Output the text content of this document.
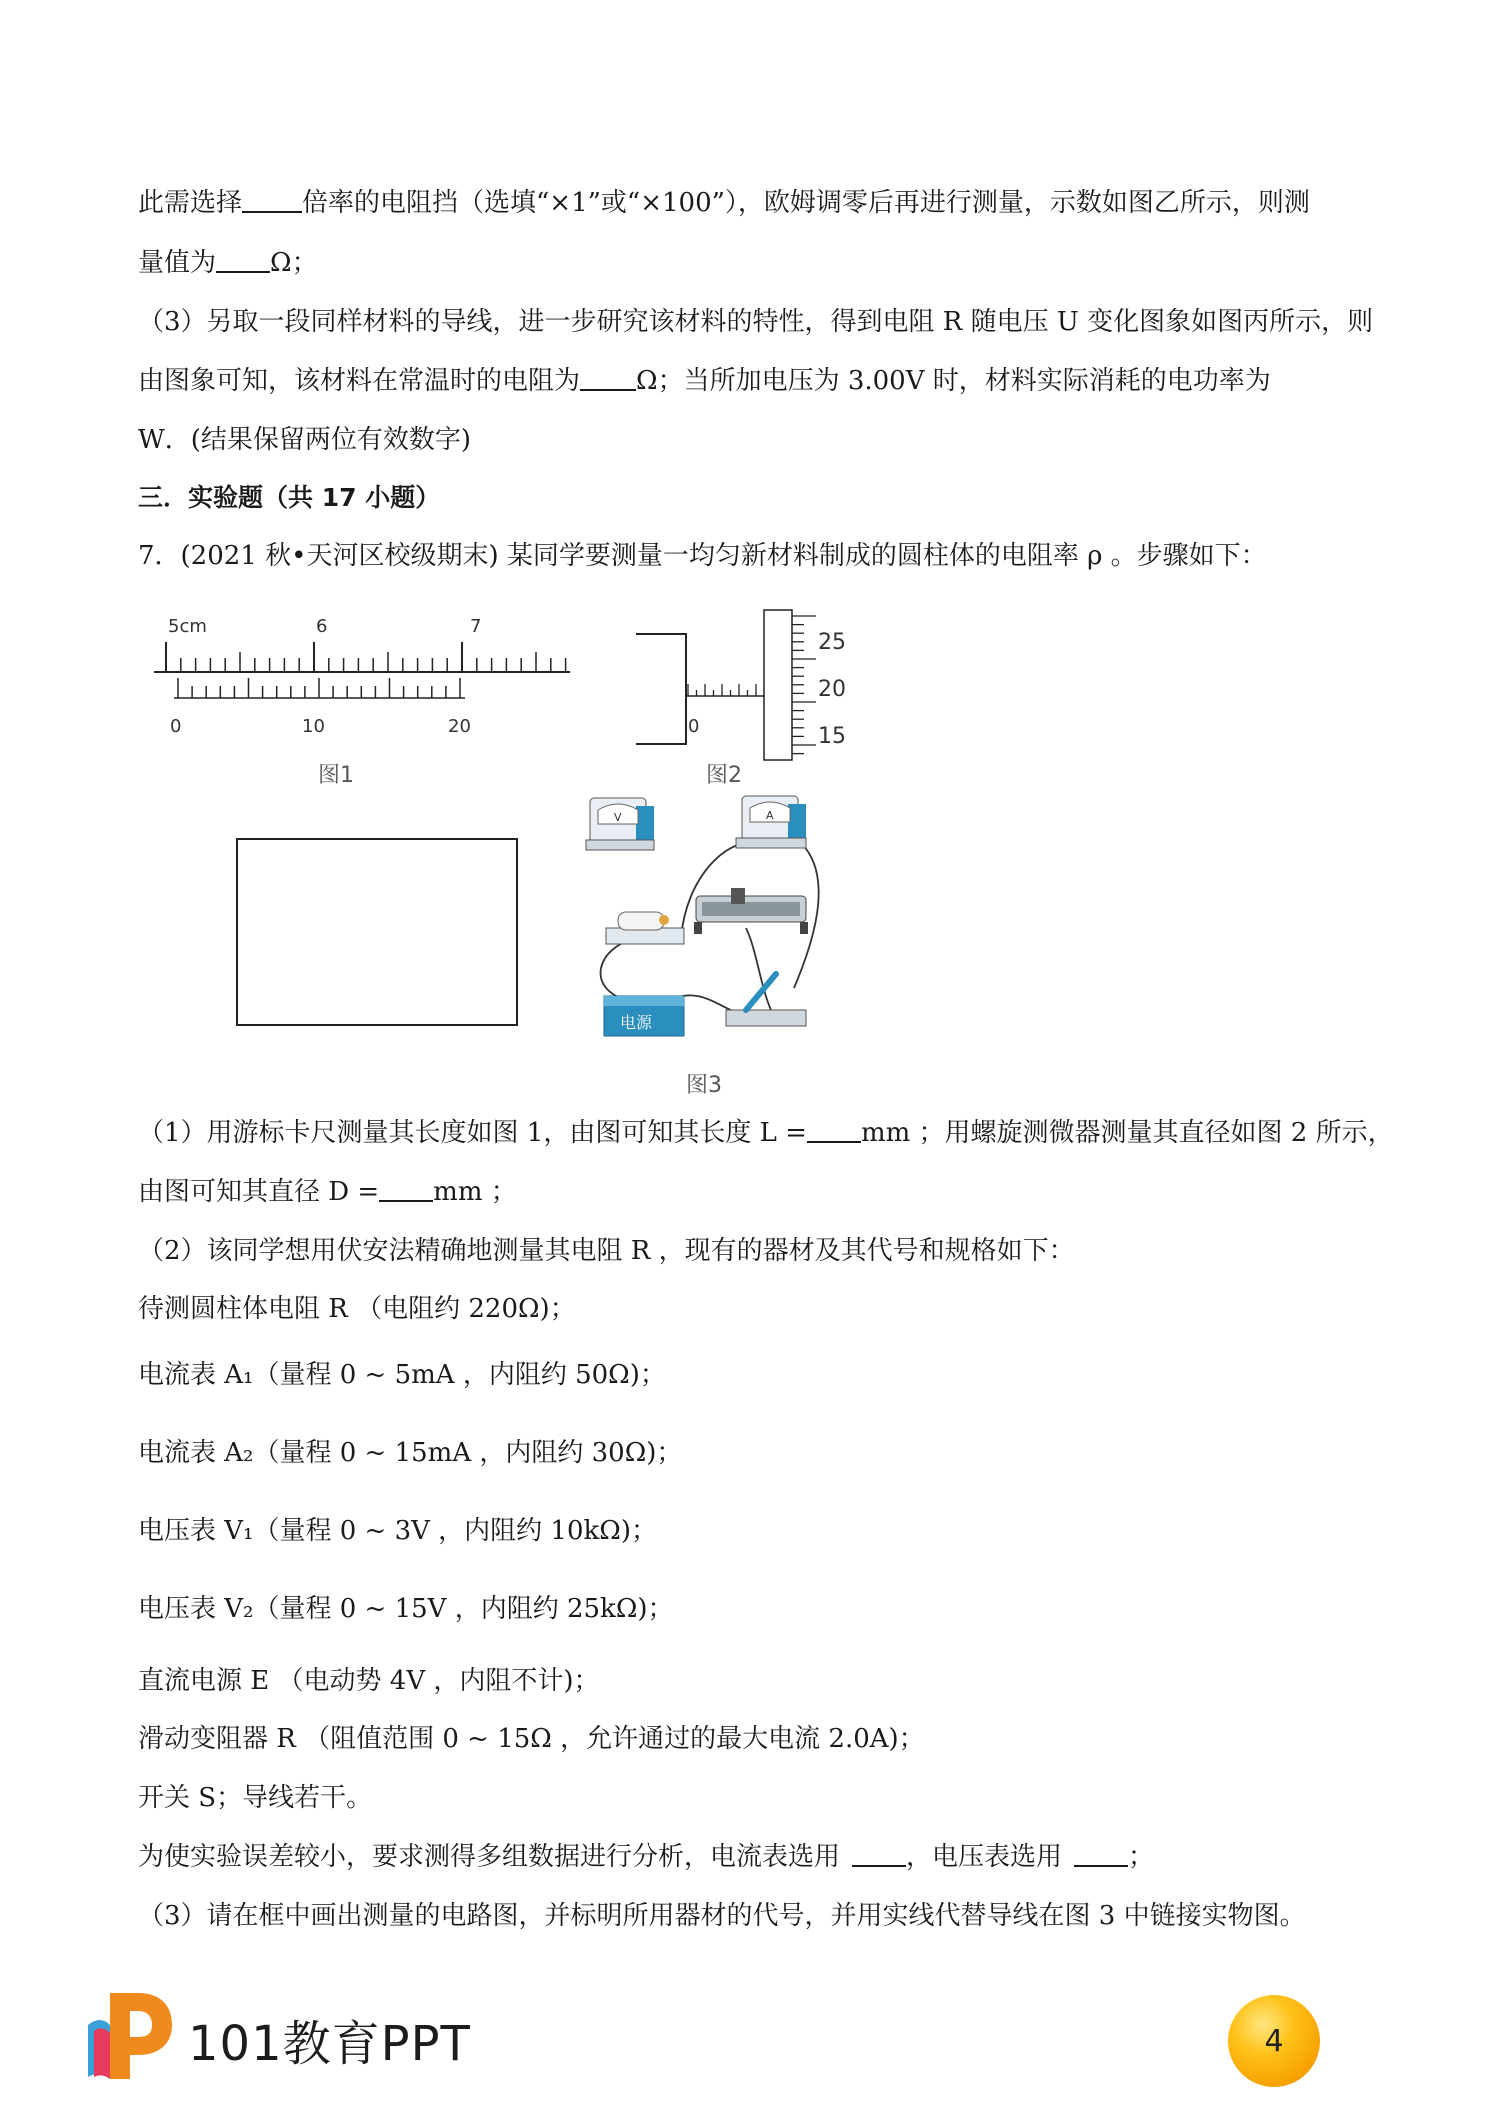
此需选择 倍率的电阻挡（选填“×1”或“×100”），欧姆调零后再进行测量，示数如图乙所示，则测
量值为 Ω；
（3）另取一段同样材料的导线，进一步研究该材料的特性，得到电阻 R 随电压 U 变化图象如图丙所示，则
由图象可知，该材料在常温时的电阻为 Ω；当所加电压为 3.00V 时，材料实际消耗的电功率为
W．(结果保留两位有效数字)
三．实验题（共 17 小题）
7．(2021 秋•天河区校级期末) 某同学要测量一均匀新材料制成的圆柱体的电阻率 ρ 。步骤如下：
5cm	6	7
0	10	20
图1
0
25
20
15
图2
V	A
电源
图3
（1）用游标卡尺测量其长度如图 1，由图可知其长度 L = mm ；用螺旋测微器测量其直径如图 2 所示，
由图可知其直径 D = mm ；
（2）该同学想用伏安法精确地测量其电阻 R ，现有的器材及其代号和规格如下：
待测圆柱体电阻 R （电阻约 220Ω)；
电流表 A₁（量程 0 ~ 5mA ，内阻约 50Ω)；
电流表 A₂（量程 0 ~ 15mA ，内阻约 30Ω)；
电压表 V₁（量程 0 ~ 3V ，内阻约 10kΩ)；
电压表 V₂（量程 0 ~ 15V ，内阻约 25kΩ)；
直流电源 E （电动势 4V ，内阻不计)；
滑动变阻器 R （阻值范围 0 ~ 15Ω ，允许通过的最大电流 2.0A)；
开关 S；导线若干。
为使实验误差较小，要求测得多组数据进行分析，电流表选用	，电压表选用	；
（3）请在框中画出测量的电路图，并标明所用器材的代号，并用实线代替导线在图 3 中链接实物图。
101教育PPT	4
